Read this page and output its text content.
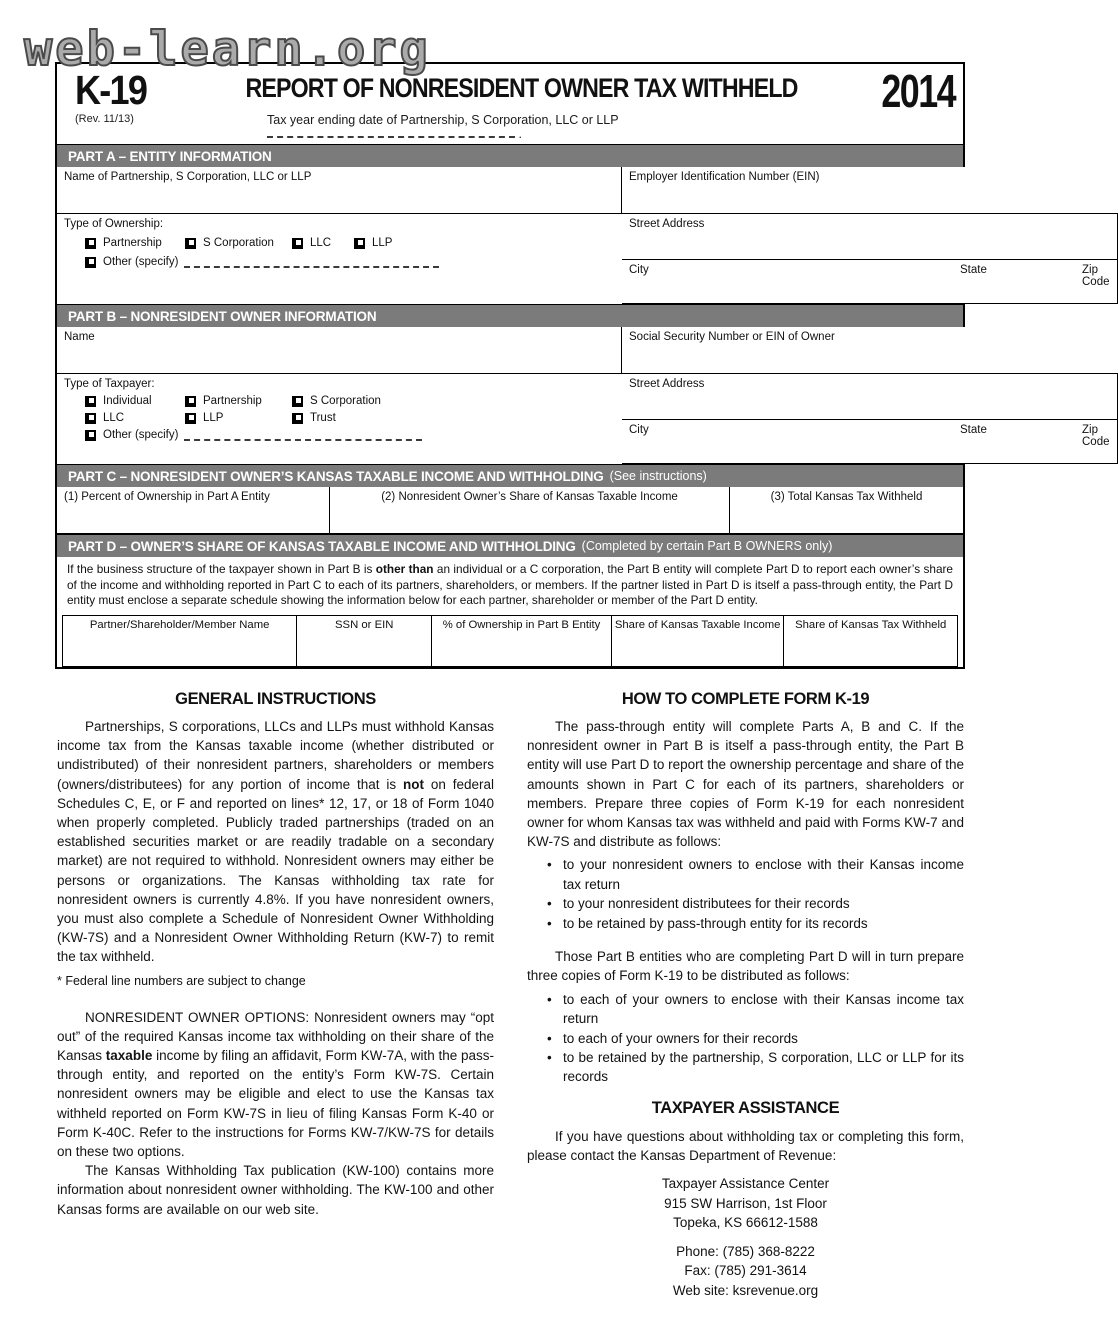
web-learn.org
K-19
(Rev. 11/13)
REPORT OF NONRESIDENT OWNER TAX WITHHELD
Tax year ending date of Partnership, S Corporation, LLC or LLP  .
2014
PART A – ENTITY INFORMATION
Name of Partnership, S Corporation, LLC or LLP	Employer Identification Number (EIN)
Street Address
Type of Ownership:
Partnership	S Corporation	LLC	LLP
Other (specify)
City	State	Zip Code
PART B – NONRESIDENT OWNER INFORMATION
Name	Social Security Number or EIN of Owner
Street Address
Type of Taxpayer:
Individual	Partnership	S Corporation
LLC	LLP	Trust
Other (specify)	City	State	Zip Code
PART C – NONRESIDENT OWNER’S KANSAS TAXABLE INCOME AND WITHHOLDING (See instructions)
(1) Percent of Ownership in Part A Entity	(2) Nonresident Owner’s Share of Kansas Taxable Income	(3) Total Kansas Tax Withheld
PART D – OWNER’S SHARE OF KANSAS TAXABLE INCOME AND WITHHOLDING (Completed by certain Part B OWNERS only)
If the business structure of the taxpayer shown in Part B is other than an individual or a C corporation, the Part B entity will complete Part D to report each owner’s share of the income and withholding reported in Part C to each of its partners, shareholders, or members. If the partner listed in Part D is itself a pass-through entity, the Part D entity must enclose a separate schedule showing the information below for each partner, shareholder or member of the Part D entity.
Partner/Shareholder/Member Name	SSN or EIN	% of Ownership in Part B Entity	Share of Kansas Taxable Income	Share of Kansas Tax Withheld
GENERAL INSTRUCTIONS
Partnerships, S corporations, LLCs and LLPs must withhold Kansas income tax from the Kansas taxable income (whether distributed or undistributed) of their nonresident partners, shareholders or members (owners/distributees) for any portion of income that is not on federal Schedules C, E, or F and reported on lines* 12, 17, or 18 of Form 1040 when properly completed. Publicly traded partnerships (traded on an established securities market or are readily tradable on a secondary market) are not required to withhold. Nonresident owners may either be persons or organizations. The Kansas withholding tax rate for nonresident owners is currently 4.8%. If you have nonresident owners, you must also complete a Schedule of Nonresident Owner Withholding (KW-7S) and a Nonresident Owner Withholding Return (KW-7) to remit the tax withheld.
* Federal line numbers are subject to change
NONRESIDENT OWNER OPTIONS: Nonresident owners may “opt out” of the required Kansas income tax withholding on their share of the Kansas taxable income by filing an affidavit, Form KW-7A, with the pass-through entity, and reported on the entity’s Form KW-7S. Certain nonresident owners may be eligible and elect to use the Kansas tax withheld reported on Form KW-7S in lieu of filing Kansas Form K-40 or Form K-40C. Refer to the instructions for Forms KW-7/KW-7S for details on these two options.
The Kansas Withholding Tax publication (KW-100) contains more information about nonresident owner withholding. The KW-100 and other Kansas forms are available on our web site.
HOW TO COMPLETE FORM K-19
The pass-through entity will complete Parts A, B and C. If the nonresident owner in Part B is itself a pass-through entity, the Part B entity will use Part D to report the ownership percentage and share of the amounts shown in Part C for each of its partners, shareholders or members. Prepare three copies of Form K-19 for each nonresident owner for whom Kansas tax was withheld and paid with Forms KW-7 and KW-7S and distribute as follows:
• to your nonresident owners to enclose with their Kansas income tax return
• to your nonresident distributees for their records
• to be retained by pass-through entity for its records
Those Part B entities who are completing Part D will in turn prepare three copies of Form K-19 to be distributed as follows:
• to each of your owners to enclose with their Kansas income tax return
• to each of your owners for their records
• to be retained by the partnership, S corporation, LLC or LLP for its records
TAXPAYER ASSISTANCE
If you have questions about withholding tax or completing this form, please contact the Kansas Department of Revenue:
Taxpayer Assistance Center
915 SW Harrison, 1st Floor
Topeka, KS 66612-1588
Phone: (785) 368-8222
Fax: (785) 291-3614
Web site: ksrevenue.org
